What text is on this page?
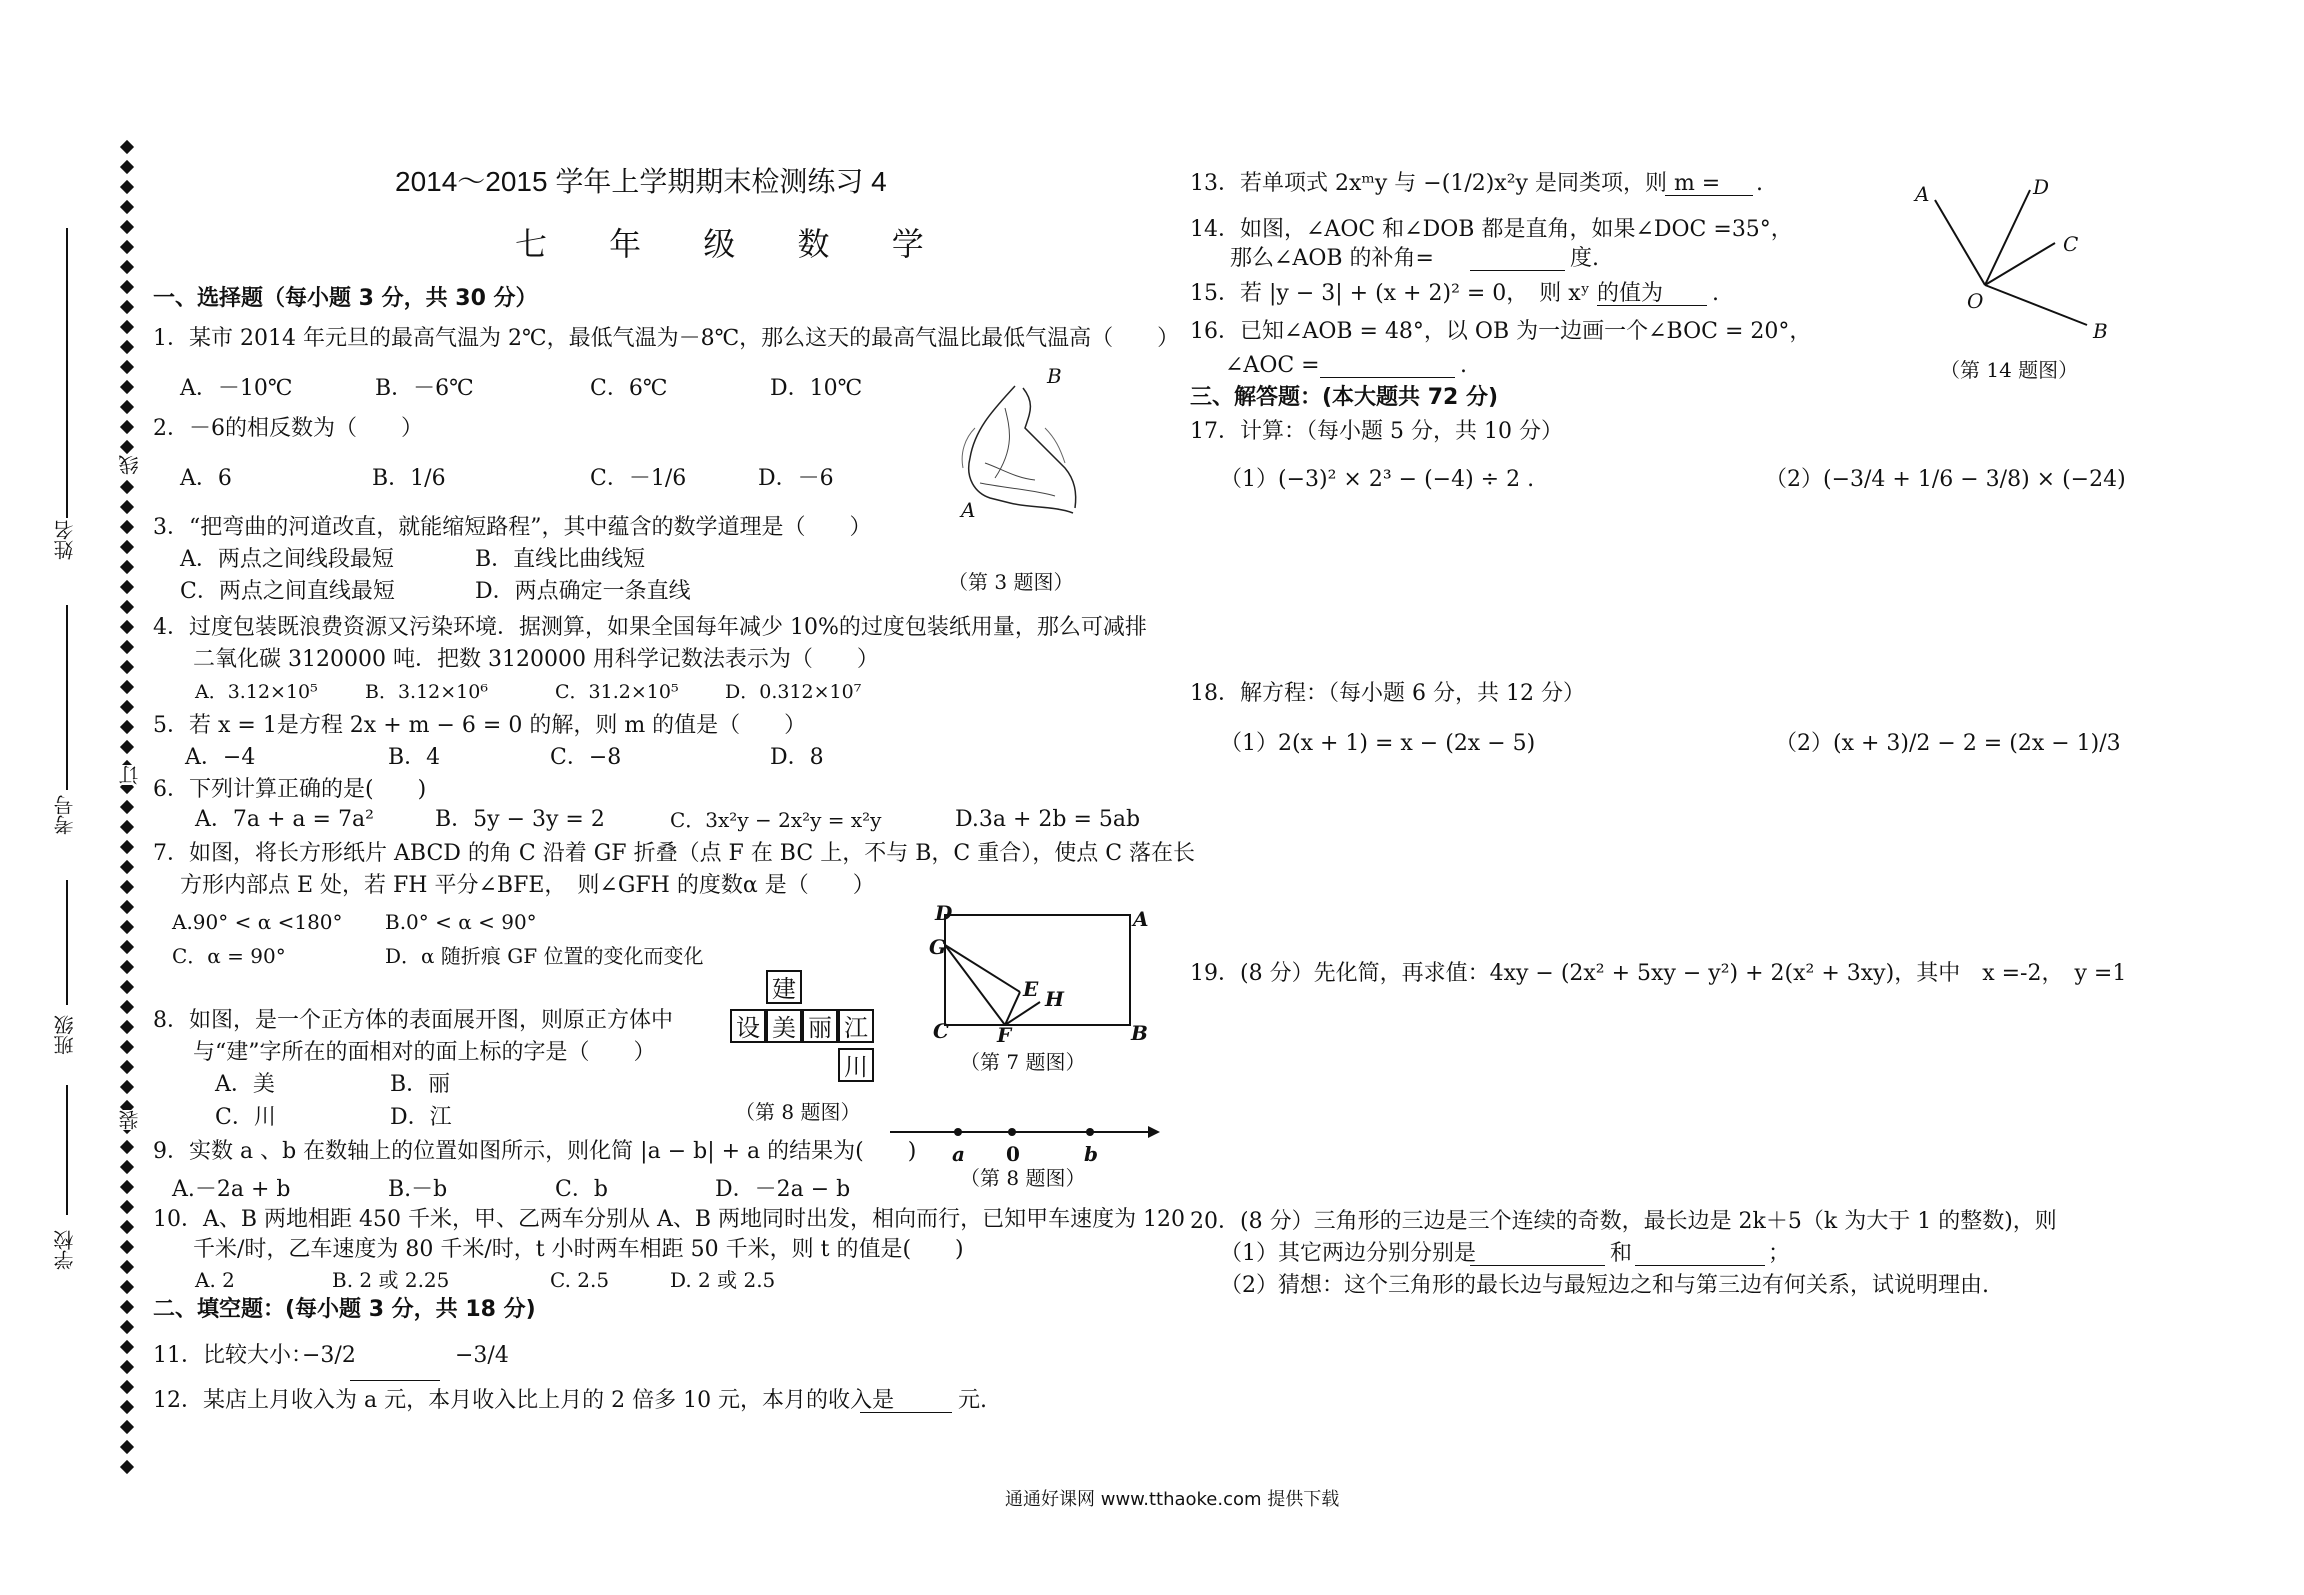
线
订
装
姓名
考号
班级
学校
2014～2015 学年上学期期末检测练习 4
七 年 级 数 学
一、选择题（每小题 3 分，共 30 分）
1．某市 2014 年元旦的最高气温为 2℃，最低气温为－8℃，那么这天的最高气温比最低气温高（　　）
A．－10℃	B．－6℃	C．6℃	D．10℃
2．－6的相反数为（　　）
A．6	B．1/6	C．－1/6	D．－6
3．“把弯曲的河道改直，就能缩短路程”，其中蕴含的数学道理是（　　）
A．两点之间线段最短	B．直线比曲线短
C．两点之间直线最短	D．两点确定一条直线
4．过度包装既浪费资源又污染环境．据测算，如果全国每年减少 10%的过度包装纸用量，那么可减排
二氧化碳 3120000 吨．把数 3120000 用科学记数法表示为（　　）
A．3.12×10⁵ B．3.12×10⁶	C．31.2×10⁵ D．0.312×10⁷
5．若 x = 1是方程 2x + m − 6 = 0 的解，则 m 的值是（　　）
A．−4	B．4	C．−8	D．8
6．下列计算正确的是(　　)
A．7a + a = 7a²	B．5y − 3y = 2	C．3x²y − 2x²y = x²y	D.3a + 2b = 5ab
7．如图，将长方形纸片 ABCD 的角 C 沿着 GF 折叠（点 F 在 BC 上，不与 B，C 重合），使点 C 落在长
方形内部点 E 处，若 FH 平分∠BFE，　则∠GFH 的度数α 是（　　）
A.90° < α <180° B.0° < α < 90°
C．α = 90°	D．α 随折痕 GF 位置的变化而变化
8．如图，是一个正方体的表面展开图，则原正方体中
与“建”字所在的面相对的面上标的字是（　　）
A．美	B．丽
C．川	D．江
9．实数 a 、b 在数轴上的位置如图所示，则化简 |a − b| + a 的结果为(　　)
A.－2a + b	B.－b	C．b	D．－2a − b
10．A、B 两地相距 450 千米，甲、乙两车分别从 A、B 两地同时出发，相向而行，已知甲车速度为 120
千米/时，乙车速度为 80 千米/时，t 小时两车相距 50 千米，则 t 的值是(　　)
A. 2	B. 2 或 2.25	C. 2.5	D. 2 或 2.5
二、填空题：(每小题 3 分，共 18 分)
11．比较大小：
−3/2	−3/4
12．某店上月收入为 a 元，本月收入比上月的 2 倍多 10 元，本月的收入是	元.
13．若单项式 2xᵐy 与 −(1/2)x²y 是同类项，则 m = .
14．如图，∠AOC 和∠DOB 都是直角，如果∠DOC =35°，
那么∠AOB 的补角=	度.
15．若 |y − 3| + (x + 2)² = 0，　则 xʸ 的值为 .
16．已知∠AOB = 48°，以 OB 为一边画一个∠BOC = 20°，
∠AOC =	.
三、解答题：(本大题共 72 分)
17．计算：（每小题 5 分，共 10 分）
（1）(−3)² × 2³ − (−4) ÷ 2 .	（2）(−3/4 + 1/6 − 3/8) × (−24)
18．解方程：（每小题 6 分，共 12 分）
（1）2(x + 1) = x − (2x − 5)	（2）(x + 3)/2 − 2 = (2x − 1)/3
19．(8 分）先化简，再求值：4xy − (2x² + 5xy − y²) + 2(x² + 3xy)，其中　x =-2，　y =1
20．(8 分）三角形的三边是三个连续的奇数，最长边是 2k＋5（k 为大于 1 的整数)，则
（1）其它两边分别分别是	和	；
（2）猜想：这个三角形的最长边与最短边之和与第三边有何关系，试说明理由.
B
A
（第 3 题图）
D	A
G
E H
C F	B
（第 7 题图）
建
设 美 丽 江
川
（第 8 题图）
a 0	b
（第 8 题图）
A	D
C
O
B
（第 14 题图）
通通好课网 www.tthaoke.com 提供下载
